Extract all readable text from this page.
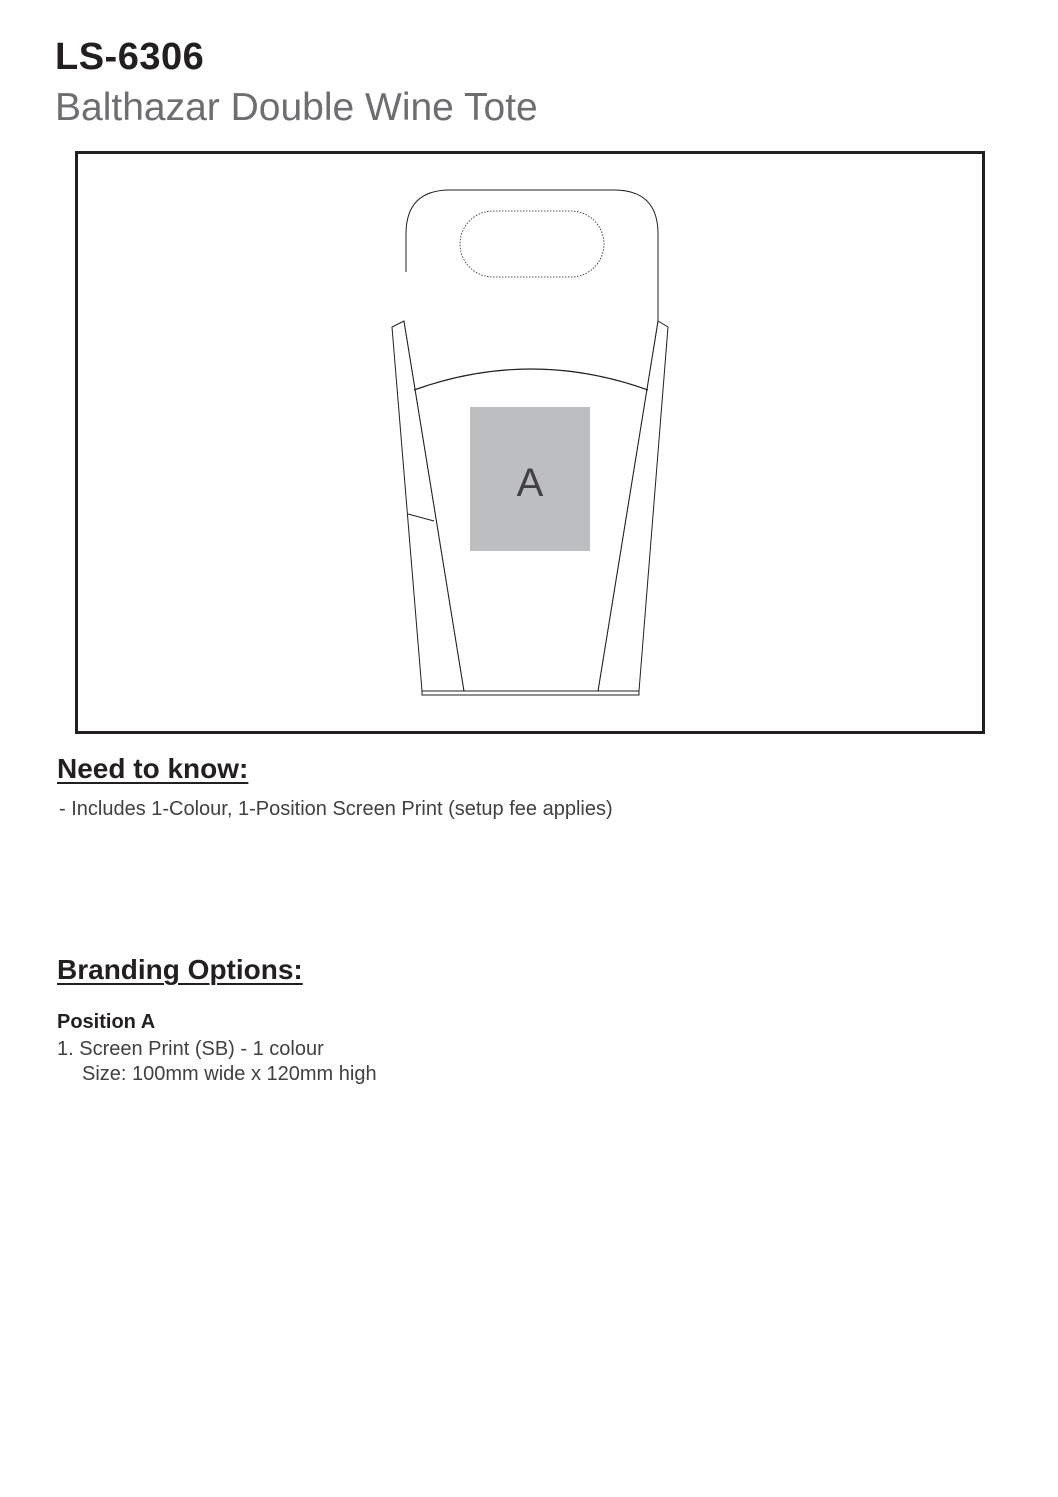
LS-6306
Balthazar Double Wine Tote
A
Need to know:
- Includes 1-Colour, 1-Position Screen Print (setup fee applies)
Branding Options:
Position A
1. Screen Print (SB) - 1 colour
Size: 100mm wide x 120mm high
